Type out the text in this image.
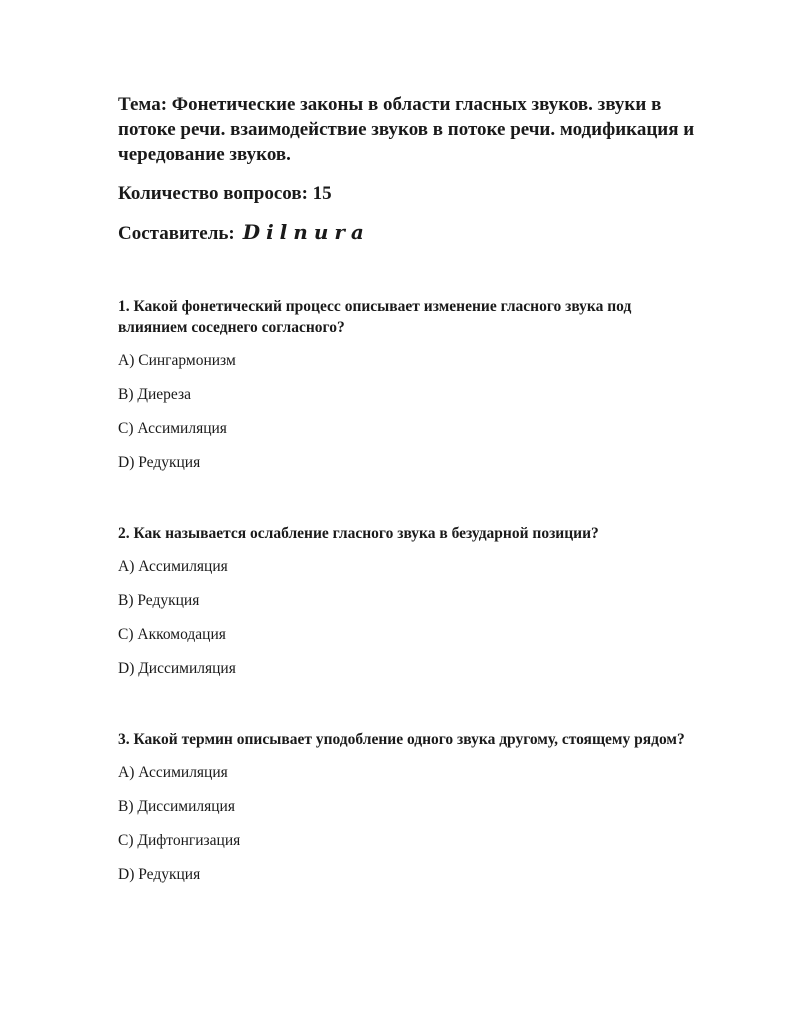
Тема: Фонетические законы в области гласных звуков. звуки в потоке речи. взаимодействие звуков в потоке речи. модификация и чередование звуков.

Количество вопросов: 15

Составитель: Dilnura

1. Какой фонетический процесс описывает изменение гласного звука под влиянием соседнего согласного?

A) Сингармонизм

B) Диереза

C) Ассимиляция

D) Редукция

2. Как называется ослабление гласного звука в безударной позиции?

A) Ассимиляция

B) Редукция

C) Аккомодация

D) Диссимиляция

3. Какой термин описывает уподобление одного звука другому, стоящему рядом?

A) Ассимиляция

B) Диссимиляция

C) Дифтонгизация

D) Редукция
